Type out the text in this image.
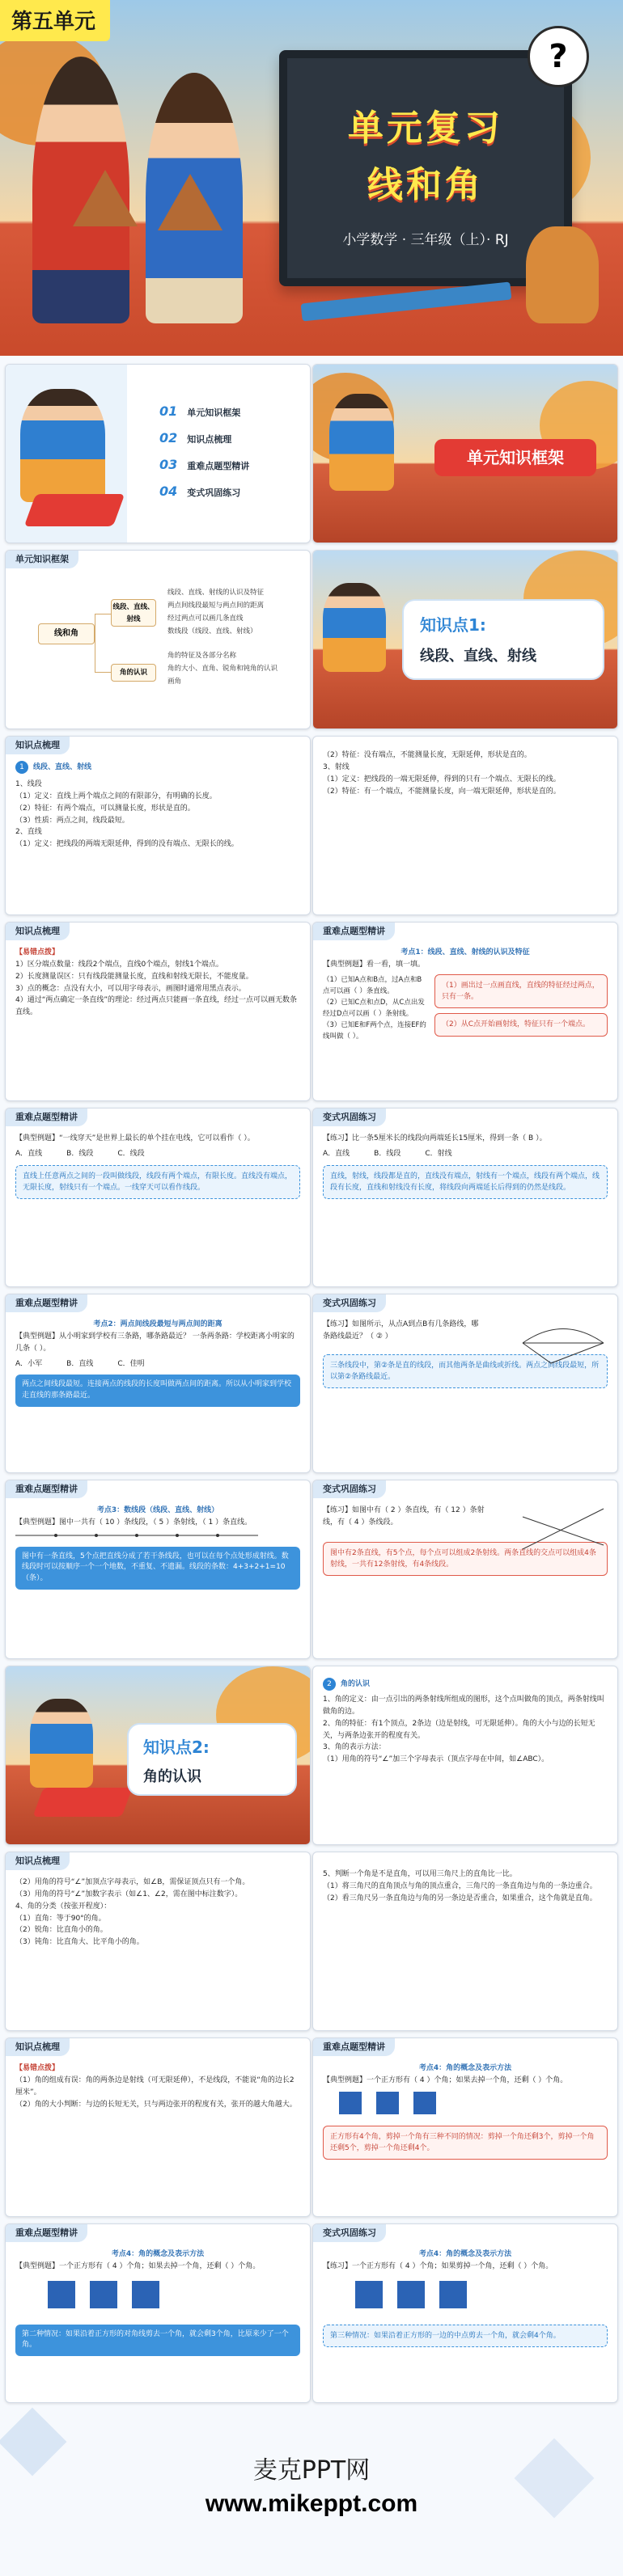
第五单元
单元复习
线和角
小学数学 · 三年级（上）· RJ
?
01 单元知识框架
02 知识点梳理
03 重难点题型精讲
04 变式巩固练习
单元知识框架
单元知识框架
线和角
线段、直线、射线
角的认识
线段、直线、射线的认识及特征
两点间线段最短与两点间的距离
经过两点可以画几条直线
数线段（线段、直线、射线）
角的特征及各部分名称
角的大小、直角、锐角和钝角的认识
画角
知识点1:
线段、直线、射线
知识点梳理
1 线段、直线、射线
1、线段
（1）定义：直线上两个端点之间的有限部分，有明确的长度。
（2）特征：有两个端点，可以测量长度，形状是直的。
（3）性质：两点之间，线段最短。
2、直线
（1）定义：把线段的两端无限延伸，得到的没有端点、无限长的线。
（2）特征：没有端点，不能测量长度，无限延伸，形状是直的。
3、射线
（1）定义：把线段的一端无限延伸，得到的只有一个端点、无限长的线。
（2）特征：有一个端点，不能测量长度，向一端无限延伸，形状是直的。
知识点梳理
【易错点拨】
1）区分端点数量：线段2个端点，直线0个端点，射线1个端点。
2）长度测量误区：只有线段能测量长度，直线和射线无限长，不能度量。
3）点的概念：点没有大小，可以用字母表示，画图时通常用黑点表示。
4）通过“两点确定一条直线”的理论：经过两点只能画一条直线，经过一点可以画无数条直线。
重难点题型精讲
考点1：线段、直线、射线的认识及特征
【典型例题】看一看，填一填。
（1）已知A点和B点，过A点和B点可以画（ ）条直线。
（2）已知C点和点D，从C点出发经过D点可以画（ ）条射线。
（3）已知E和F两个点，连接EF的线叫做（ ）。
（1）画出过一点画直线，直线的特征经过两点，只有一条。
（2）从C点开始画射线，特征只有一个端点。
重难点题型精讲
【典型例题】“一线穿天”是世界上最长的单个挂在电线，它可以看作（ ）。
A．直线	B．线段	C．线段
直线上任意两点之间的一段叫做线段，线段有两个端点，有限长度。直线没有端点，无限长度，射线只有一个端点。一线穿天可以看作线段。
变式巩固练习
【练习】比一条5厘米长的线段向两端延长15厘米，得到一条（ B ）。
A．直线	B．线段	C．射线
直线，射线，线段都是直的，直线没有端点，射线有一个端点，线段有两个端点，线段有长度，直线和射线没有长度，将线段向两端延长后得到的仍然是线段。
重难点题型精讲
考点2：两点间线段最短与两点间的距离
【典型例题】从小明家到学校有三条路，哪条路最近？ 一条两条路：学校距离小明家的几条（ ）。
A．小军	B．直线	C．佳明
两点之间线段最短。连接两点的线段的长度叫做两点间的距离。所以从小明家到学校走直线的那条路最近。
变式巩固练习
【练习】如图所示，从点A到点B有几条路线，哪条路线最近？（ ② ）
三条线段中，第②条是直的线段，而其他两条是曲线或折线。两点之间线段最短，所以第②条路线最近。
重难点题型精讲
考点3：数线段（线段、直线、射线）
【典型例题】图中一共有（ 10 ）条线段，（ 5 ）条射线，（ 1 ）条直线。
图中有一条直线，5个点把直线分成了若干条线段，也可以在每个点处形成射线。数线段时可以按顺序一个一个地数，不重复、不遗漏。线段的条数：4+3+2+1=10（条）。
变式巩固练习
【练习】如图中有（ 2 ）条直线，有（ 12 ）条射线，有（ 4 ）条线段。
图中有2条直线，有5个点，每个点可以组成2条射线。两条直线的交点可以组成4条射线，一共有12条射线，有4条线段。
知识点2:
角的认识
2 角的认识
1、角的定义：由一点引出的两条射线所组成的图形，这个点叫做角的顶点，两条射线叫做角的边。
2、角的特征：有1个顶点，2条边（边是射线，可无限延伸）。角的大小与边的长短无关，与两条边张开的程度有关。
3、角的表示方法：
（1）用角的符号“∠”加三个字母表示（顶点字母在中间，如∠ABC）。
知识点梳理
（2）用角的符号“∠”加顶点字母表示，如∠B，需保证顶点只有一个角。
（3）用角的符号“∠”加数字表示（如∠1、∠2，需在图中标注数字）。
4、角的分类（按张开程度）：
（1）直角：等于90°的角。
（2）锐角：比直角小的角。
（3）钝角：比直角大、比平角小的角。
5、判断一个角是不是直角，可以用三角尺上的直角比一比。
（1）将三角尺的直角顶点与角的顶点重合，三角尺的一条直角边与角的一条边重合。
（2）看三角尺另一条直角边与角的另一条边是否重合，如果重合，这个角就是直角。
知识点梳理
【易错点拨】
（1）角的组成有误：角的两条边是射线（可无限延伸），不是线段，不能说“角的边长2厘米”。
（2）角的大小判断：与边的长短无关，只与两边张开的程度有关，张开的越大角越大。
重难点题型精讲
考点4：角的概念及表示方法
【典型例题】一个正方形有（ 4 ）个角；如果去掉一个角，还剩（ ）个角。
正方形有4个角，剪掉一个角有三种不同的情况：剪掉一个角还剩3个，剪掉一个角还剩5个，剪掉一个角还剩4个。
重难点题型精讲
考点4：角的概念及表示方法
【典型例题】一个正方形有（ 4 ）个角；如果去掉一个角，还剩（ ）个角。
第二种情况：如果沿着正方形的对角线剪去一个角，就会剩3个角，比原来少了一个角。
变式巩固练习
考点4：角的概念及表示方法
【练习】一个正方形有（ 4 ）个角；如果剪掉一个角，还剩（ ）个角。
第三种情况：如果沿着正方形的一边的中点剪去一个角，就会剩4个角。
麦克PPT网
www.mikeppt.com
